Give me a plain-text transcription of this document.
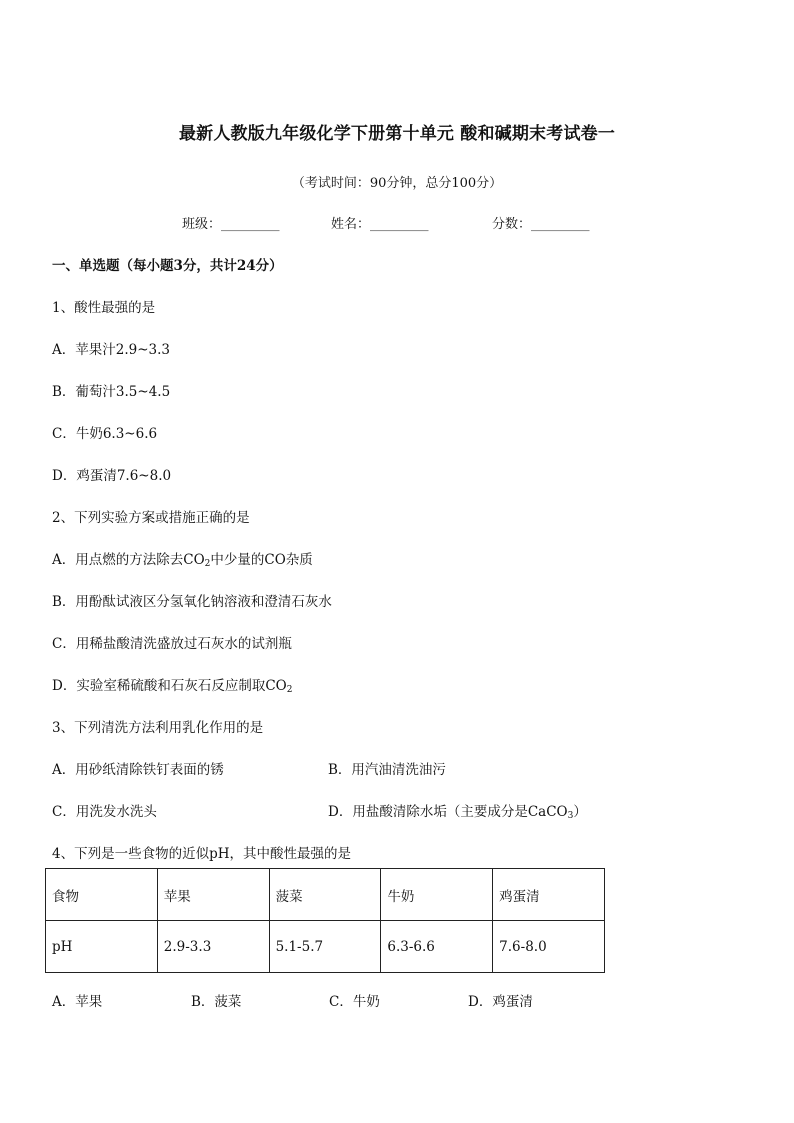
最新人教版九年级化学下册第十单元 酸和碱期末考试卷一
（考试时间：90分钟，总分100分）
班级：_________	姓名：_________	分数：_________
一、单选题（每小题3分，共计24分）
1、酸性最强的是
A．苹果汁2.9~3.3
B．葡萄汁3.5~4.5
C．牛奶6.3~6.6
D．鸡蛋清7.6~8.0
2、下列实验方案或措施正确的是
A．用点燃的方法除去$CO_2$中少量的CO杂质
B．用酚酞试液区分氢氧化钠溶液和澄清石灰水
C．用稀盐酸清洗盛放过石灰水的试剂瓶
D．实验室稀硫酸和石灰石反应制取$CO_2$
3、下列清洗方法利用乳化作用的是
A．用砂纸清除铁钉表面的锈	B．用汽油清洗油污
C．用洗发水洗头	D．用盐酸清除水垢（主要成分是CaCO$_3$）
4、下列是一些食物的近似pH，其中酸性最强的是
食物	苹果	菠菜	牛奶	鸡蛋清
pH	2.9-3.3	5.1-5.7	6.3-6.6	7.6-8.0
A．苹果	B．菠菜	C．牛奶	D．鸡蛋清
